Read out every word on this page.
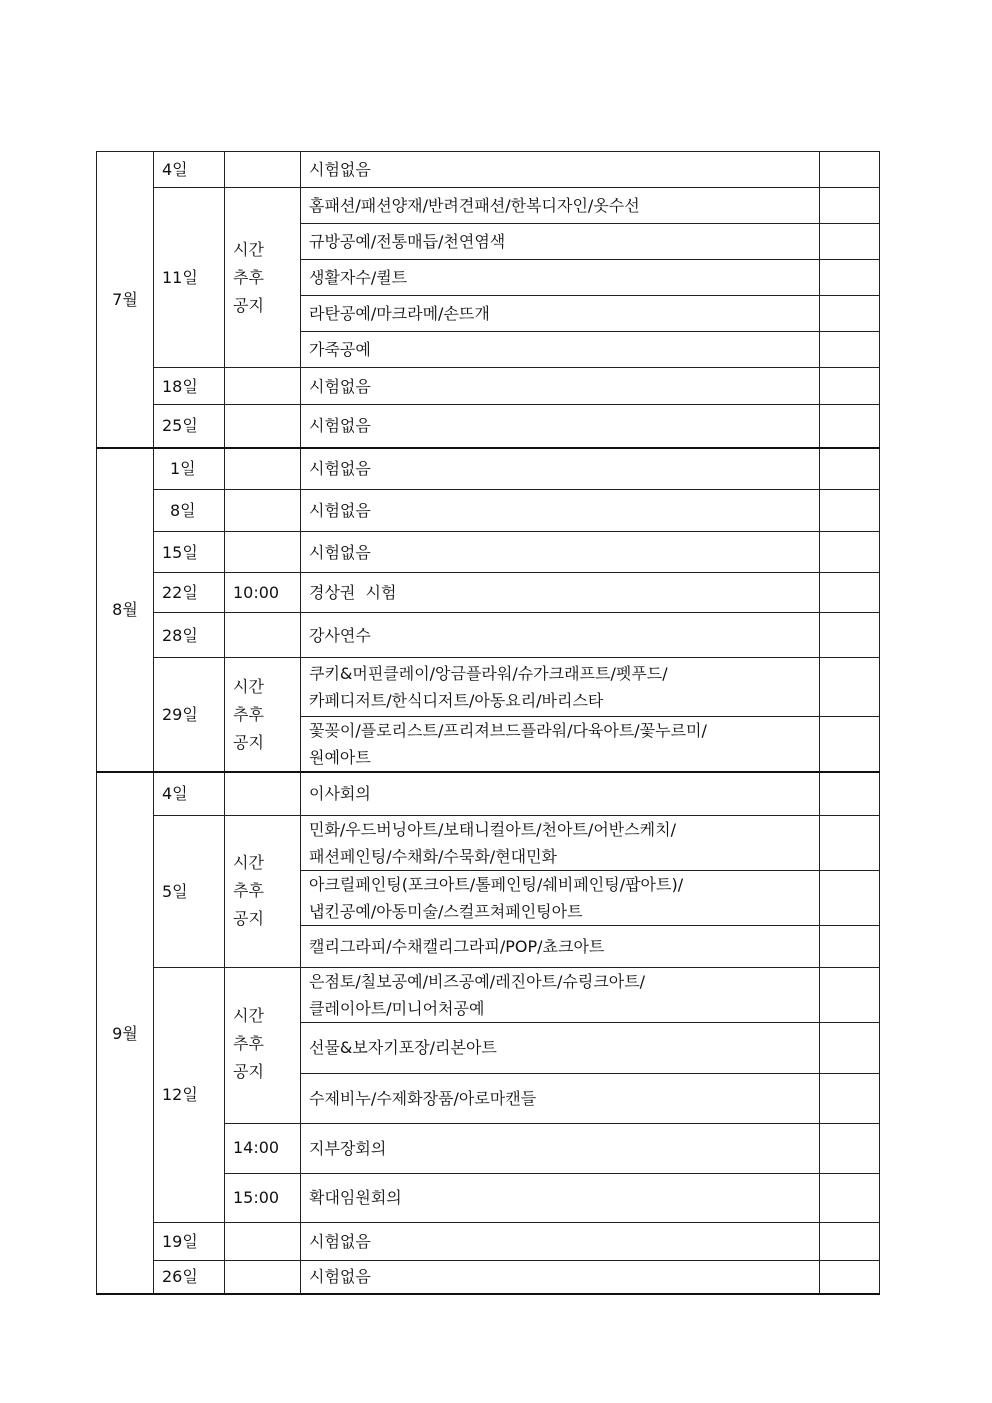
7월	4일		시험없음	
	11일	시간
추후
공지	홈패션/패션양재/반려견패션/한복디자인/옷수선	
			규방공예/전통매듭/천연염색	
			생활자수/퀼트	
			라탄공예/마크라메/손뜨개	
			가죽공예	
	18일		시험없음	
	25일		시험없음	
8월	1일		시험없음	
	8일		시험없음	
	15일		시험없음	
	22일	10:00	경상권  시험	
	28일		강사연수	
	29일	시간
추후
공지	쿠키&머핀클레이/앙금플라워/슈가크래프트/펫푸드/
카페디저트/한식디저트/아동요리/바리스타	

			꽃꽂이/플로리스트/프리져브드플라워/다육아트/꽃누르미/
원예아트	

9월	4일		이사회의	
	5일	시간
추후
공지	민화/우드버닝아트/보태니컬아트/천아트/어반스케치/
패션페인팅/수채화/수묵화/현대민화	

			아크릴페인팅(포크아트/톨페인팅/쉐비페인팅/팝아트)/
냅킨공예/아동미술/스컬프쳐페인팅아트	

			캘리그라피/수채캘리그라피/POP/쵸크아트	
	12일	시간
추후
공지	은점토/칠보공예/비즈공예/레진아트/슈링크아트/
클레이아트/미니어처공예	

			선물&보자기포장/리본아트	
			수제비누/수제화장품/아로마캔들	
		14:00	지부장회의	
		15:00	확대임원회의	
	19일		시험없음	
	26일		시험없음	
